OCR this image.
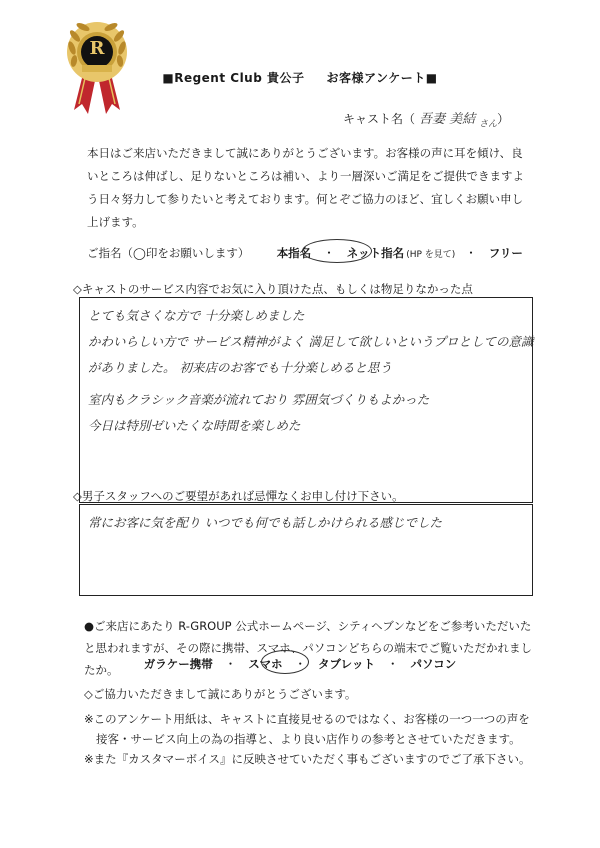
R
■Regent Club 貴公子 お客様アンケート■
キャスト名（ 吾妻 美結 $_{さん}$）
本日はご来店いただきまして誠にありがとうございます。お客様の声に耳を傾け、良いところは伸ばし、足りないところは補い、より一層深いご満足をご提供できますよう日々努力して参りたいと考えております。何とぞご協力のほど、宜しくお願い申し上げます。
ご指名（◯印をお願いします） 本指名 ・ ネット指名 (HP を見て) ・ フリー
◇キャストのサービス内容でお気に入り頂けた点、もしくは物足りなかった点
とても気さくな方で 十分楽しめました
かわいらしい方で サービス精神がよく 満足して欲しいというプロとしての意識
がありました。 初来店のお客でも十分楽しめると思う
室内もクラシック音楽が流れており 雰囲気づくりもよかった
今日は特別ゼいたくな時間を楽しめた
◇男子スタッフへのご要望があれば忌憚なくお申し付け下さい。
常にお客に気を配り いつでも何でも話しかけられる感じでした
●ご来店にあたり R-GROUP 公式ホームページ、シティヘブンなどをご参考いただいたと思われますが、その際に携帯、スマホ、パソコンどちらの端末でご覧いただかれましたか。	ガラケー携帯 ・ スマホ ・ タブレット ・ パソコン
◇ご協力いただきまして誠にありがとうございます。
※このアンケート用紙は、キャストに直接見せるのではなく、お客様の一つ一つの声を
接客・サービス向上の為の指導と、より良い店作りの参考とさせていただきます。
※また『カスタマーボイス』に反映させていただく事もございますのでご了承下さい。
